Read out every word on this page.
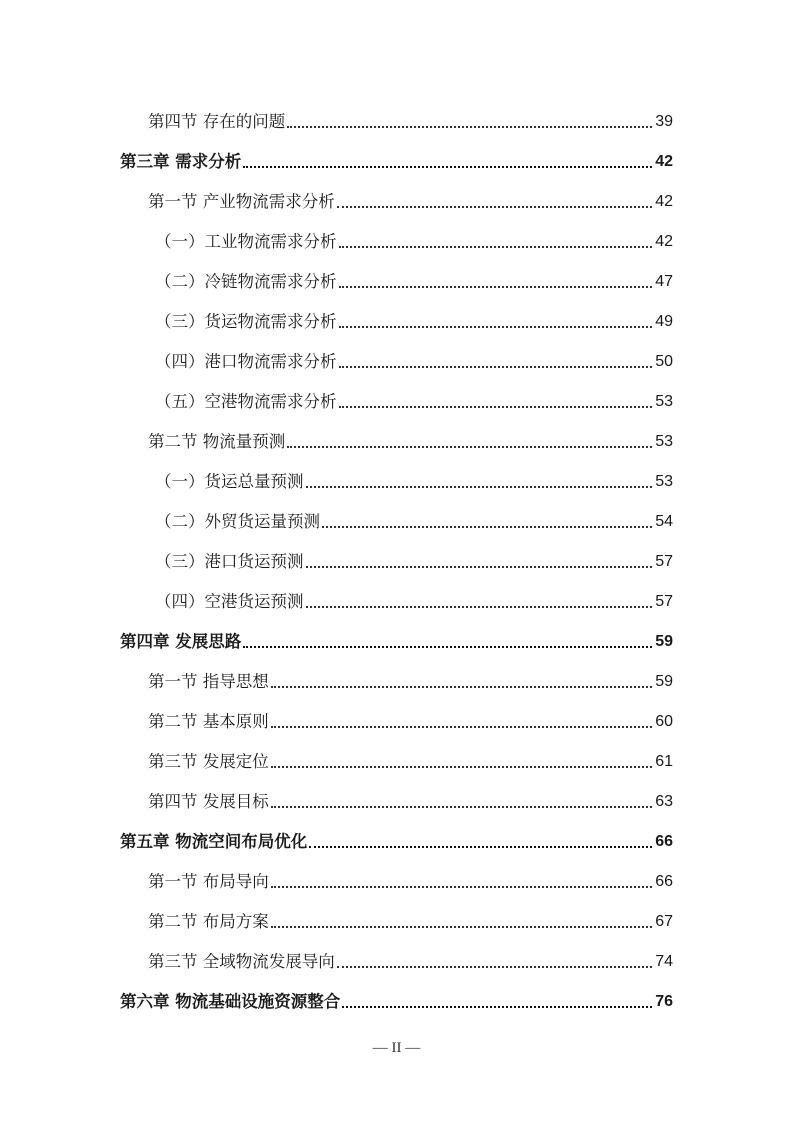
第四节 存在的问题	39
第三章 需求分析	42
第一节 产业物流需求分析	42
（一）工业物流需求分析	42
（二）冷链物流需求分析	47
（三）货运物流需求分析	49
（四）港口物流需求分析	50
（五）空港物流需求分析	53
第二节 物流量预测	53
（一）货运总量预测	53
（二）外贸货运量预测	54
（三）港口货运预测	57
（四）空港货运预测	57
第四章 发展思路	59
第一节 指导思想	59
第二节 基本原则	60
第三节 发展定位	61
第四节 发展目标	63
第五章 物流空间布局优化	66
第一节 布局导向	66
第二节 布局方案	67
第三节 全域物流发展导向	74
第六章 物流基础设施资源整合	76
— II —
